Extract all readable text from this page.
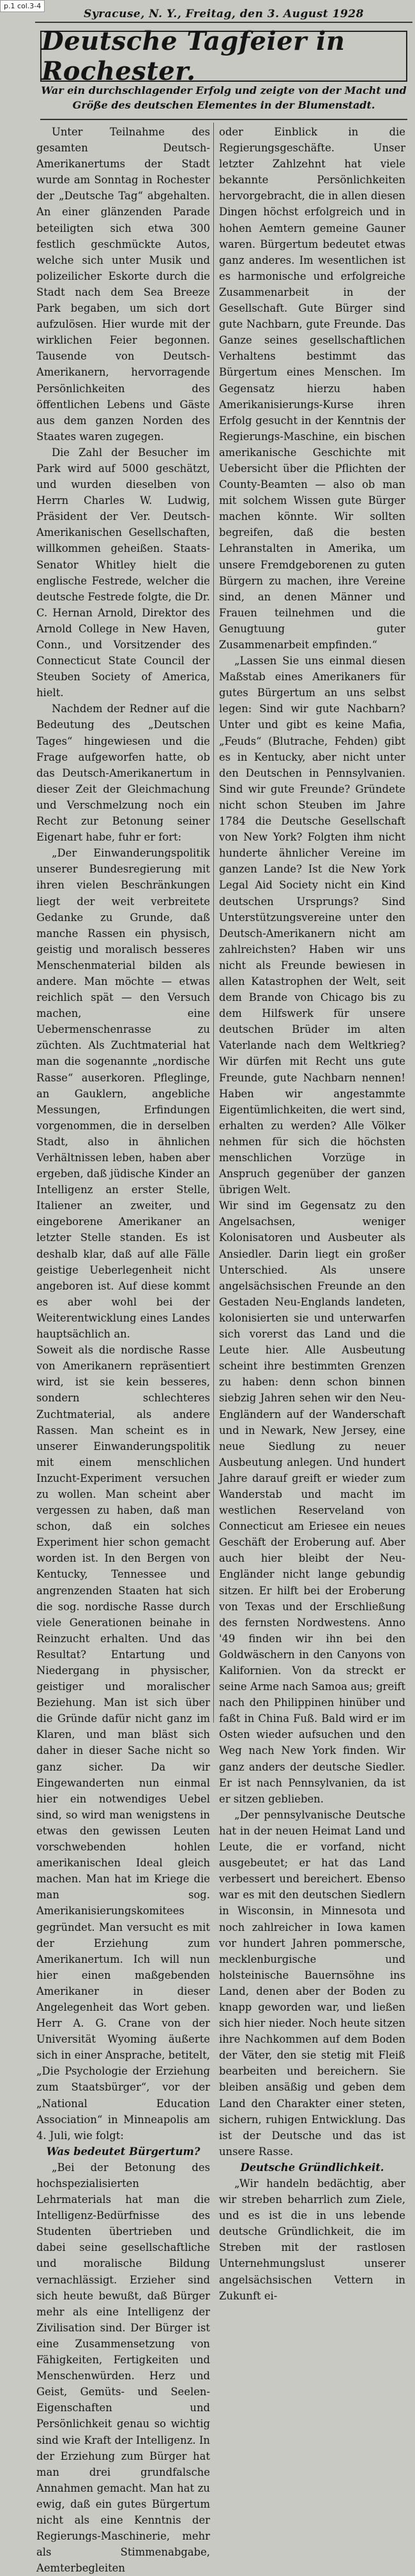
p.1 col.3-4
Syracuse, N. Y., Freitag, den 3. August 1928
Deutsche Tagfeier in Rochester.
War ein durchschlagender Erfolg und zeigte von der Macht und Größe des deutschen Elementes in der Blumenstadt.

Unter Teilnahme des gesamten Deutsch-Amerikanertums der Stadt wurde am Sonntag in Rochester der „Deutsche Tag“ abgehalten. An einer glänzenden Parade beteiligten sich etwa 300 festlich geschmückte Autos, welche sich unter Musik und polizeilicher Eskorte durch die Stadt nach dem Sea Breeze Park begaben, um sich dort aufzulösen. Hier wurde mit der wirklichen Feier begonnen. Tausende von Deutsch-Amerikanern, hervorragende Persönlichkeiten des öffentlichen Lebens und Gäste aus dem ganzen Norden des Staates waren zugegen.

Die Zahl der Besucher im Park wird auf 5000 geschätzt, und wurden dieselben von Herrn Charles W. Ludwig, Präsident der Ver. Deutsch-Amerikanischen Gesellschaften, willkommen geheißen. Staats-Senator Whitley hielt die englische Festrede, welcher die deutsche Festrede folgte, die Dr. C. Hernan Arnold, Direktor des Arnold College in New Haven, Conn., und Vorsitzender des Connecticut State Council der Steuben Society of America, hielt.

Nachdem der Redner auf die Bedeutung des „Deutschen Tages“ hingewiesen und die Frage aufgeworfen hatte, ob das Deutsch-Amerikanertum in dieser Zeit der Gleichmachung und Verschmelzung noch ein Recht zur Betonung seiner Eigenart habe, fuhr er fort:

„Der Einwanderungspolitik unserer Bundesregierung mit ihren vielen Beschränkungen liegt der weit verbreitete Gedanke zu Grunde, daß manche Rassen ein physisch, geistig und moralisch besseres Menschenmaterial bilden als andere. Man möchte — etwas reichlich spät — den Versuch machen, eine Uebermenschenrasse zu züchten. Als Zuchtmaterial hat man die sogenannte „nordische Rasse“ auserkoren. Pfleglinge, an Gauklern, angebliche Messungen, Erfindungen vorgenommen, die in derselben Stadt, also in ähnlichen Verhältnissen leben, haben aber ergeben, daß jüdische Kinder an Intelligenz an erster Stelle, Italiener an zweiter, und eingeborene Amerikaner an letzter Stelle standen. Es ist deshalb klar, daß auf alle Fälle geistige Ueberlegenheit nicht angeboren ist. Auf diese kommt es aber wohl bei der Weiterentwicklung eines Landes hauptsächlich an.

Soweit als die nordische Rasse von Amerikanern repräsentiert wird, ist sie kein besseres, sondern schlechteres Zuchtmaterial, als andere Rassen. Man scheint es in unserer Einwanderungspolitik mit einem menschlichen Inzucht-Experiment versuchen zu wollen. Man scheint aber vergessen zu haben, daß man schon, daß ein solches Experiment hier schon gemacht worden ist. In den Bergen von Kentucky, Tennessee und angrenzenden Staaten hat sich die sog. nordische Rasse durch viele Generationen beinahe in Reinzucht erhalten. Und das Resultat? Entartung und Niedergang in physischer, geistiger und moralischer Beziehung. Man ist sich über die Gründe dafür nicht ganz im Klaren, und man bläst sich daher in dieser Sache nicht so ganz sicher. Da wir Eingewanderten nun einmal hier ein notwendiges Uebel sind, so wird man wenigstens in etwas den gewissen Leuten vorschwebenden hohlen amerikanischen Ideal gleich machen. Man hat im Kriege die man sog. Amerikanisierungskomitees gegründet. Man versucht es mit der Erziehung zum Amerikanertum. Ich will nun hier einen maßgebenden Amerikaner in dieser Angelegenheit das Wort geben. Herr A. G. Crane von der Universität Wyoming äußerte sich in einer Ansprache, betitelt, „Die Psychologie der Erziehung zum Staatsbürger“, vor der „National Education Association“ in Minneapolis am 4. Juli, wie folgt:

Was bedeutet Bürgertum?

„Bei der Betonung des hochspezialisierten Lehrmaterials hat man die Intelligenz-Bedürfnisse des Studenten übertrieben und dabei seine gesellschaftliche und moralische Bildung vernachlässigt. Erzieher sind sich heute bewußt, daß Bürger mehr als eine Intelligenz der Zivilisation sind. Der Bürger ist eine Zusammensetzung von Fähigkeiten, Fertigkeiten und Menschenwürden. Herz und Geist, Gemüts- und Seelen-Eigenschaften und Persönlichkeit genau so wichtig sind wie Kraft der Intelligenz. In der Erziehung zum Bürger hat man drei grundfalsche Annahmen gemacht. Man hat zu ewig, daß ein gutes Bürgertum nicht als eine Kenntnis der Regierungs-Maschinerie, mehr als Stimmenabgabe, Aemterbegleiten

oder Einblick in die Regierungsgeschäfte. Unser letzter Zahlzehnt hat viele bekannte Persönlichkeiten hervorgebracht, die in allen diesen Dingen höchst erfolgreich und in hohen Aemtern gemeine Gauner waren. Bürgertum bedeutet etwas ganz anderes. Im wesentlichen ist es harmonische und erfolgreiche Zusammenarbeit in der Gesellschaft. Gute Bürger sind gute Nachbarn, gute Freunde. Das Ganze seines gesellschaftlichen Verhaltens bestimmt das Bürgertum eines Menschen. Im Gegensatz hierzu haben Amerikanisierungs-Kurse ihren Erfolg gesucht in der Kenntnis der Regierungs-Maschine, ein bischen amerikanische Geschichte mit Uebersicht über die Pflichten der County-Beamten — also ob man mit solchem Wissen gute Bürger machen könnte. Wir sollten begreifen, daß die besten Lehranstalten in Amerika, um unsere Fremdgeborenen zu guten Bürgern zu machen, ihre Vereine sind, an denen Männer und Frauen teilnehmen und die Genugtuung guter Zusammenarbeit empfinden.“

„Lassen Sie uns einmal diesen Maßstab eines Amerikaners für gutes Bürgertum an uns selbst legen: Sind wir gute Nachbarn? Unter und gibt es keine Mafia, „Feuds“ (Blutrache, Fehden) gibt es in Kentucky, aber nicht unter den Deutschen in Pennsylvanien. Sind wir gute Freunde? Gründete nicht schon Steuben im Jahre 1784 die Deutsche Gesellschaft von New York? Folgten ihm nicht hunderte ähnlicher Vereine im ganzen Lande? Ist die New York Legal Aid Society nicht ein Kind deutschen Ursprungs? Sind Unterstützungsvereine unter den Deutsch-Amerikanern nicht am zahlreichsten? Haben wir uns nicht als Freunde bewiesen in allen Katastrophen der Welt, seit dem Brande von Chicago bis zu dem Hilfswerk für unsere deutschen Brüder im alten Vaterlande nach dem Weltkrieg? Wir dürfen mit Recht uns gute Freunde, gute Nachbarn nennen! Haben wir angestammte Eigentümlichkeiten, die wert sind, erhalten zu werden? Alle Völker nehmen für sich die höchsten menschlichen Vorzüge in Anspruch gegenüber der ganzen übrigen Welt.

Wir sind im Gegensatz zu den Angelsachsen, weniger Kolonisatoren und Ausbeuter als Ansiedler. Darin liegt ein großer Unterschied. Als unsere angelsächsischen Freunde an den Gestaden Neu-Englands landeten, kolonisierten sie und unterwarfen sich vorerst das Land und die Leute hier. Alle Ausbeutung scheint ihre bestimmten Grenzen zu haben: denn schon binnen siebzig Jahren sehen wir den Neu-Engländern auf der Wanderschaft und in Newark, New Jersey, eine neue Siedlung zu neuer Ausbeutung anlegen. Und hundert Jahre darauf greift er wieder zum Wanderstab und macht im westlichen Reserveland von Connecticut am Eriesee ein neues Geschäft der Eroberung auf. Aber auch hier bleibt der Neu-Engländer nicht lange gebundig sitzen. Er hilft bei der Eroberung von Texas und der Erschließung des fernsten Nordwestens. Anno '49 finden wir ihn bei den Goldwäschern in den Canyons von Kalifornien. Von da streckt er seine Arme nach Samoa aus; greift nach den Philippinen hinüber und faßt in China Fuß. Bald wird er im Osten wieder aufsuchen und den Weg nach New York finden. Wir ganz anders der deutsche Siedler. Er ist nach Pennsylvanien, da ist er sitzen geblieben.

„Der pennsylvanische Deutsche hat in der neuen Heimat Land und Leute, die er vorfand, nicht ausgebeutet; er hat das Land verbessert und bereichert. Ebenso war es mit den deutschen Siedlern in Wisconsin, in Minnesota und noch zahlreicher in Iowa kamen vor hundert Jahren pommersche, mecklenburgische und holsteinische Bauernsöhne ins Land, denen aber der Boden zu knapp geworden war, und ließen sich hier nieder. Noch heute sitzen ihre Nachkommen auf dem Boden der Väter, den sie stetig mit Fleiß bearbeiten und bereichern. Sie bleiben ansäßig und geben dem Land den Charakter einer steten, sichern, ruhigen Entwicklung. Das ist der Deutsche und das ist unsere Rasse.

Deutsche Gründlichkeit.

„Wir handeln bedächtig, aber wir streben beharrlich zum Ziele, und es ist die in uns lebende deutsche Gründlichkeit, die im Streben mit der rastlosen Unternehmungslust unserer angelsächsischen Vettern in Zukunft ei-
